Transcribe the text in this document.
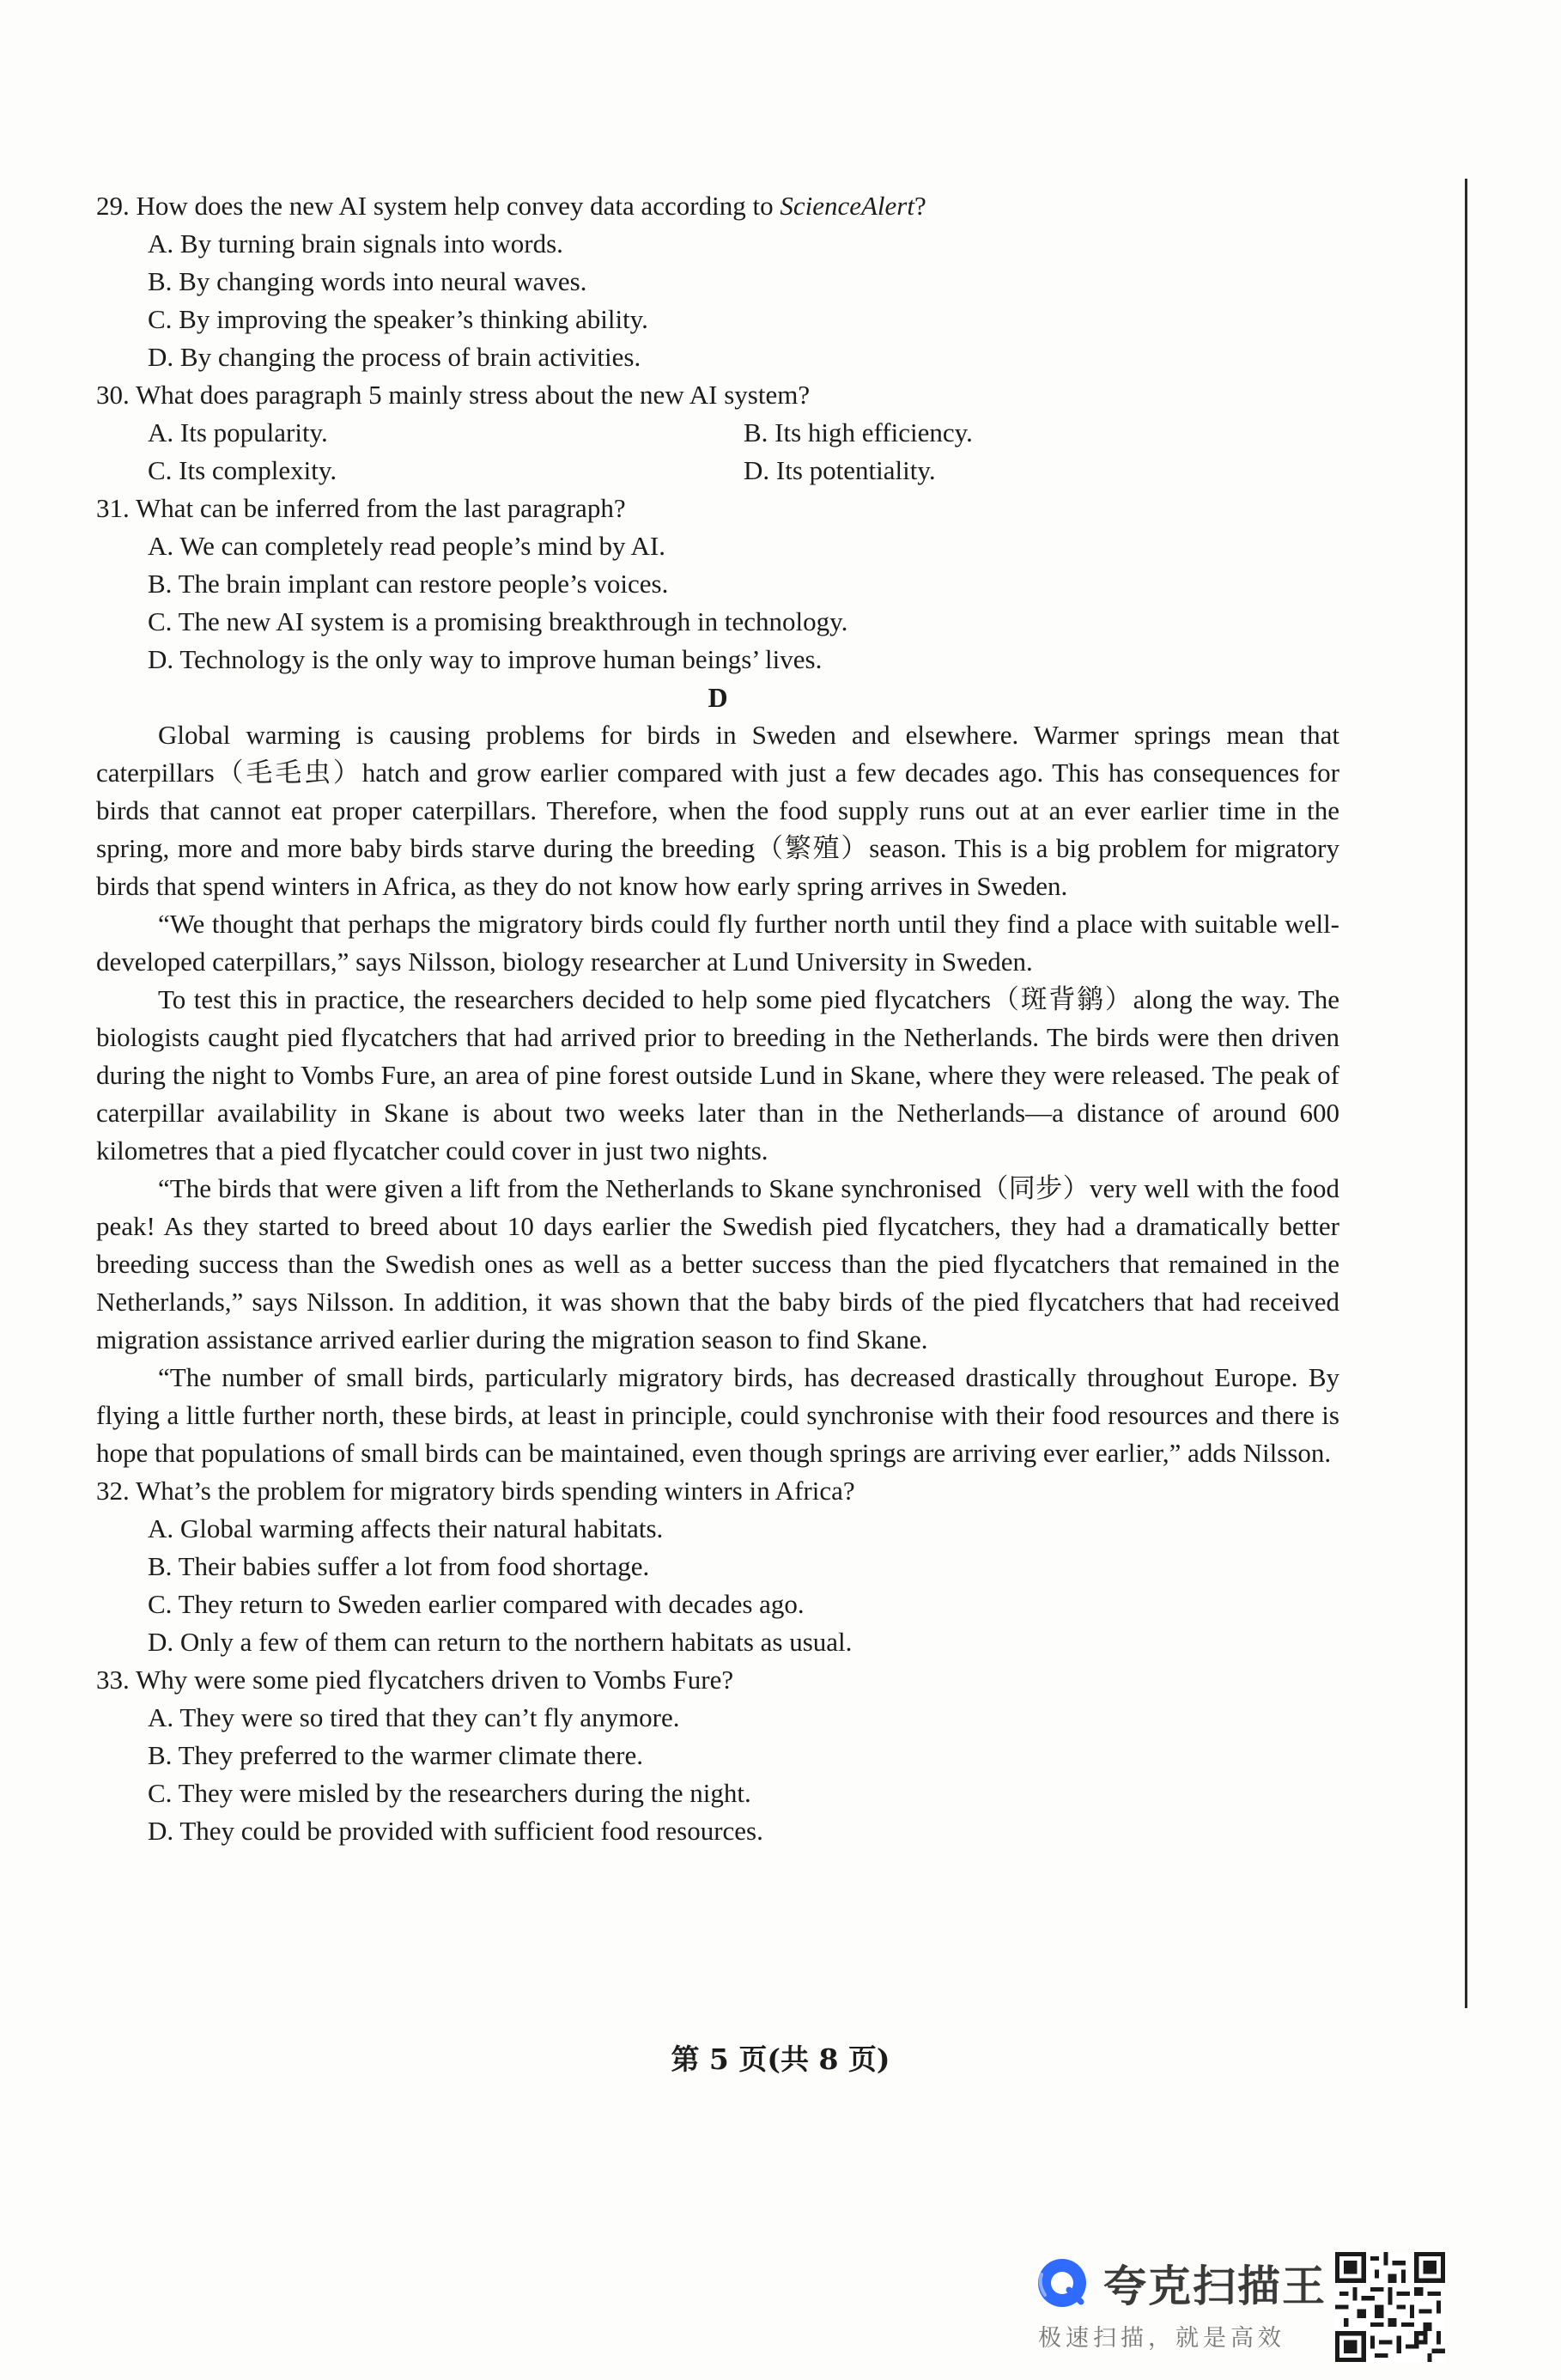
29. How does the new AI system help convey data according to ScienceAlert?
A. By turning brain signals into words.
B. By changing words into neural waves.
C. By improving the speaker’s thinking ability.
D. By changing the process of brain activities.
30. What does paragraph 5 mainly stress about the new AI system?
A. Its popularity.	B. Its high efficiency.
C. Its complexity.	D. Its potentiality.
31. What can be inferred from the last paragraph?
A. We can completely read people’s mind by AI.
B. The brain implant can restore people’s voices.
C. The new AI system is a promising breakthrough in technology.
D. Technology is the only way to improve human beings’ lives.
D
Global warming is causing problems for birds in Sweden and elsewhere. Warmer springs mean that caterpillars（毛毛虫）hatch and grow earlier compared with just a few decades ago. This has consequences for birds that cannot eat proper caterpillars. Therefore, when the food supply runs out at an ever earlier time in the spring, more and more baby birds starve during the breeding（繁殖）season. This is a big problem for migratory birds that spend winters in Africa, as they do not know how early spring arrives in Sweden.
“We thought that perhaps the migratory birds could fly further north until they find a place with suitable well-developed caterpillars,” says Nilsson, biology researcher at Lund University in Sweden.
To test this in practice, the researchers decided to help some pied flycatchers（斑背鹟）along the way. The biologists caught pied flycatchers that had arrived prior to breeding in the Netherlands. The birds were then driven during the night to Vombs Fure, an area of pine forest outside Lund in Skane, where they were released. The peak of caterpillar availability in Skane is about two weeks later than in the Netherlands—a distance of around 600 kilometres that a pied flycatcher could cover in just two nights.
“The birds that were given a lift from the Netherlands to Skane synchronised（同步）very well with the food peak! As they started to breed about 10 days earlier the Swedish pied flycatchers, they had a dramatically better breeding success than the Swedish ones as well as a better success than the pied flycatchers that remained in the Netherlands,” says Nilsson. In addition, it was shown that the baby birds of the pied flycatchers that had received migration assistance arrived earlier during the migration season to find Skane.
“The number of small birds, particularly migratory birds, has decreased drastically throughout Europe. By flying a little further north, these birds, at least in principle, could synchronise with their food resources and there is hope that populations of small birds can be maintained, even though springs are arriving ever earlier,” adds Nilsson.
32. What’s the problem for migratory birds spending winters in Africa?
A. Global warming affects their natural habitats.
B. Their babies suffer a lot from food shortage.
C. They return to Sweden earlier compared with decades ago.
D. Only a few of them can return to the northern habitats as usual.
33. Why were some pied flycatchers driven to Vombs Fure?
A. They were so tired that they can’t fly anymore.
B. They preferred to the warmer climate there.
C. They were misled by the researchers during the night.
D. They could be provided with sufficient food resources.
第 5 页(共 8 页)
夸克扫描王
极速扫描，就是高效
